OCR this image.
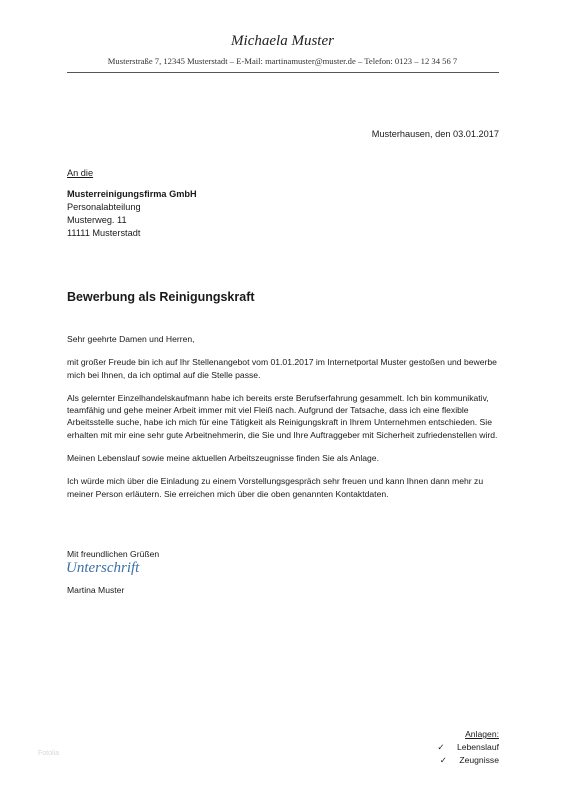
Michaela Muster
Musterstraße 7, 12345 Musterstadt – E-Mail: martinamuster@muster.de – Telefon: 0123 – 12 34 56 7
Musterhausen, den 03.01.2017
An die
Musterreinigungsfirma GmbH
Personalabteilung
Musterweg. 11
11111 Musterstadt
Bewerbung als Reinigungskraft

Sehr geehrte Damen und Herren,

mit großer Freude bin ich auf Ihr Stellenangebot vom 01.01.2017 im Internetportal Muster gestoßen und bewerbe mich bei Ihnen, da ich optimal auf die Stelle passe.

Als gelernter Einzelhandelskaufmann habe ich bereits erste Berufserfahrung gesammelt. Ich bin kommunikativ, teamfähig und gehe meiner Arbeit immer mit viel Fleiß nach. Aufgrund der Tatsache, dass ich eine flexible Arbeitsstelle suche, habe ich mich für eine Tätigkeit als Reinigungskraft in Ihrem Unternehmen entschieden. Sie erhalten mit mir eine sehr gute Arbeitnehmerin, die Sie und Ihre Auftraggeber mit Sicherheit zufriedenstellen wird.

Meinen Lebenslauf sowie meine aktuellen Arbeitszeugnisse finden Sie als Anlage.

Ich würde mich über die Einladung zu einem Vorstellungsgespräch sehr freuen und kann Ihnen dann mehr zu meiner Person erläutern. Sie erreichen mich über die oben genannten Kontaktdaten.

Mit freundlichen Grüßen
Unterschrift
Martina Muster
Anlagen:
✓ Lebenslauf
✓ Zeugnisse
Fotolia
